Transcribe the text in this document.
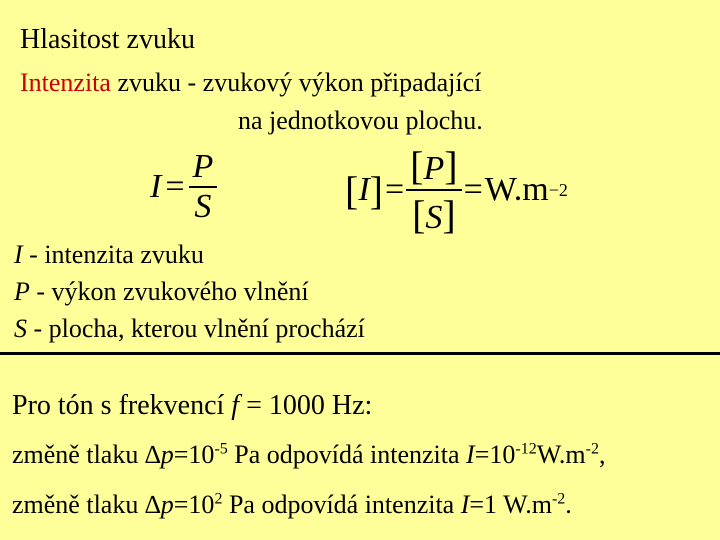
Hlasitost zvuku
Intenzita zvuku - zvukový výkon připadající
na jednotkovou plochu.
$I = \frac{P}{S}$	[ I ] = $\frac{[P]}{[S]} = W.m -2$
I - intenzita zvuku
P - výkon zvukového vlnění
S - plocha, kterou vlnění prochází
Pro tón s frekvencí f = 1000 Hz:
změně tlaku $\Delta p=10^{-5}$ Pa odpovídá intenzita $I=10^{-12}W.m^{-2}$,
změně tlaku $\Delta p=10^2$ Pa odpovídá intenzita I=1 $W.m^{-2}$.
